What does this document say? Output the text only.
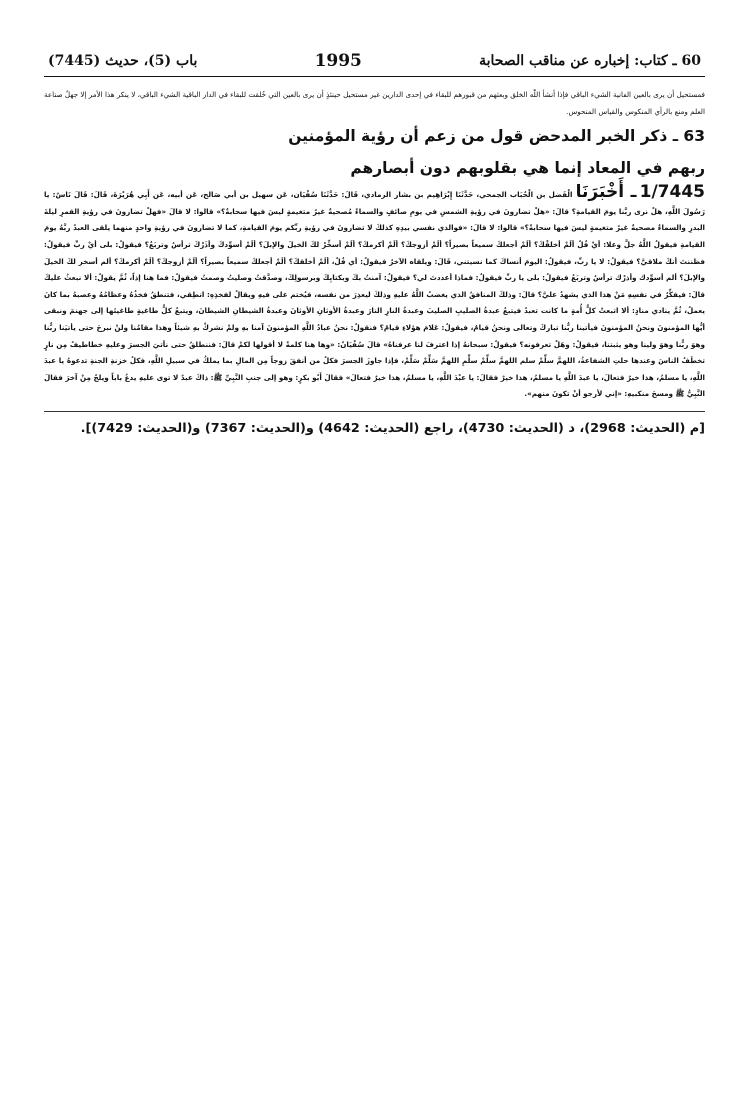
60 ـ كتاب: إخباره عن مناقب الصحابة
1995
باب (5)، حديث (7445)

فمستحيل أن يرى بالعين الفانية الشيء الباقي فإذا أنشأ اللّٰه الخلق وبعثهم من قبورهم للبقاء في إحدى الدارين غير مستحيل حينئذٍ أن يرى بالعين التي خُلقت للبقاء في الدار الباقية الشيء الباقي، لا ينكر هذا الأمر إلا جهلٌ صناعة العلم ومنع بالرأي المنكوس والقياس المنحوس.

63 ـ ذكر الخبر المدحض قول من زعم أن رؤية المؤمنين
ربهم في المعاد إنما هي بقلوبهم دون أبصارهم

1/7445 ـ أَخْبَرَنَا الْفَضل بن الْحُبَاب الجمحي، حَدَّثَنَا إِبْرَاهِيم بن بشار الرمادي، قَالَ: حَدَّثَنَا سُفْيَان، عَن سهيل بن أبي صَالح، عَن أبيه، عَن أَبِي هُرَيْرَةَ، قَالَ: قَالَ نَاسٌ: يا رَسُولَ اللَّهِ، هلْ نرى ربَّنا يومَ القيامةِ؟ قالَ: «هلْ تضارونَ في رؤيةِ الشمسِ في يومِ صائفٍ والسماءُ مُصحيةٌ غيرُ متغيمةٍ ليسَ فيها سحابةٌ؟» قالوا: لا قالَ «فهلْ تضارونَ في رؤيةِ القمرِ ليلةَ البدرِ والسماءُ مصحيةٌ غيرُ متغيمةٍ ليسَ فيها سحابةٌ؟» قالوا: لا قالَ: «فوالذي نفسي بيدِهِ كذلكَ لا تضارونَ في رؤيةِ ربِّكم يومَ القيامةِ، كما لا تضارونَ في رؤيةِ واحدٍ منهما يلقى العبدُ ربَّهُ يومَ القيامةِ فيقولُ اللَّهُ جلَّ وعلا: أيْ فُلُ ألَمْ أخلقْكَ؟ ألَمْ أجعلكَ سميعاً بصيراً؟ ألَمْ أزوجكَ؟ ألَمْ أكرمكَ؟ ألَمْ أسخِّرْ لكَ الخيلَ والإبلَ؟ ألَمْ أسوِّدكَ وأذَرْكَ ترأسُ وتربَعُ؟ فيقولُ: بلى أيْ ربِّ فيقولُ: فظننتَ أنكَ ملاقيَّ؟ فيقولُ: لا يا ربِّ، فيقولُ: اليومَ أنساكَ كما نسيتني، قَالَ: ويلقاه الآخرُ فيقولُ: أي فُلُ، ألَمْ أخلقكَ؟ ألَمْ أجعلكَ سميعاً بصيراً؟ ألَمْ أزوجكَ؟ ألَمْ أكرمكَ؟ ألم أسخر لكَ الخيلَ والإبلَ؟ ألم أسوِّدك وأذرْك ترأسُ وتربَعُ فيقولُ: بلى يا ربِّ فيقولُ: فماذا أعددتَ لي؟ فيقولُ: آمنتُ بكَ وبكتابِكَ وبرسولِكَ، وصدَّقتُ وصليتُ وصمتُ فيقولُ: فما هنا إذاً، ثُمَّ يقولُ: ألا نبعثُ عليكَ قالَ: فيفكِّرُ في نفسِهِ مَنْ هذا الذي يشهدُ عليَّ؟ قالَ: وذلكَ المنافقُ الذي يغضبُ اللَّهُ عليهِ وذلكَ ليعذِرَ من نفسه، فيُختم على فيهِ ويقالُ لفخذِهِ: انطِقي، فتنطقُ فخذُهُ وعظامُهُ وعصبهُ بما كانَ يعملُ، ثُمَّ ينادي منادٍ: ألا اتبعتْ كلُّ أُمةٍ ما كانت تعبدُ فيتبعُ عبدةُ الصليبِ الصليبَ وعبدةُ النارِ النارَ وعبدةُ الأوثانِ الأوثانَ وعبدةُ الشيطانِ الشيطانَ، ويتبعُ كلُّ طاغيةٍ طاغيتَها إلى جهنمَ ونبقى أيُّها المؤمنونَ ونحنُ المؤمنونَ فيأتينا ربُّنا تباركَ وتعالى ونحنُ قيامٌ، فيقولُ: عَلامَ هؤلاءِ قيامٌ؟ فنقولُ: نحنُ عبادُ اللَّهِ المؤمنونَ آمنا بهِ ولمْ نشركْ بهِ شيئاً وهذا مقامُنا ولنْ نبرحَ حتى يأتيَنا ربُّنا وهوَ ربُّنا وهوَ ولينا وهو يثبتنا، فيقولُ: وهَلْ تعرفونه؟ فيقولُ: سبحانهُ إذا اعترفَ لنا عرفناهُ» قالَ سُفْيَانُ: «وها هنا كلمةٌ لا أقولها لكمْ قالَ: فننطلقُ حتى نأتيَ الجسرَ وعليهِ خطاطيفُ مِن نارٍ تخطَفُ الناسَ وعندها حلتِ الشفاعةُ، اللهمَّ سلِّمْ سلم اللهمَّ سلِّمْ سلِّمِ اللهمَّ سَلِّمْ سَلِّمْ، فإذا جاوزَ الجسرَ فكلُ من أنفقَ زوجاً مِن المالِ بما يملكُ في سبيلِ اللَّهِ، فكلُ خزنةِ الجنةِ تدعوهُ يا عبدَ اللَّهِ، يا مسلمُ، هذا خيرٌ فتعالَ، يا عبدَ اللَّهِ يا مسلمُ، هذا خيرٌ فقالَ: يا عبْدَ اللَّهِ، يا مسلمُ، هذا خيرٌ فتعالَ» فقالَ أَبُو بكرٍ: وهو إلى جنبِ النَّبِيِّ ﷺ: ذاكَ عبدٌ لا توى عليهِ يدعُ باباً ويلجُ مِنْ آخرَ فقالَ النَّبِيُّ ﷺ ومسحَ منكبيهِ: «إني لأرجو أنْ تكونَ منهم».

[م (الحديث: 2968)، د (الحديث: 4730)، راجع (الحديث: 4642) و(الحديث: 7367) و(الحديث: 7429)].
